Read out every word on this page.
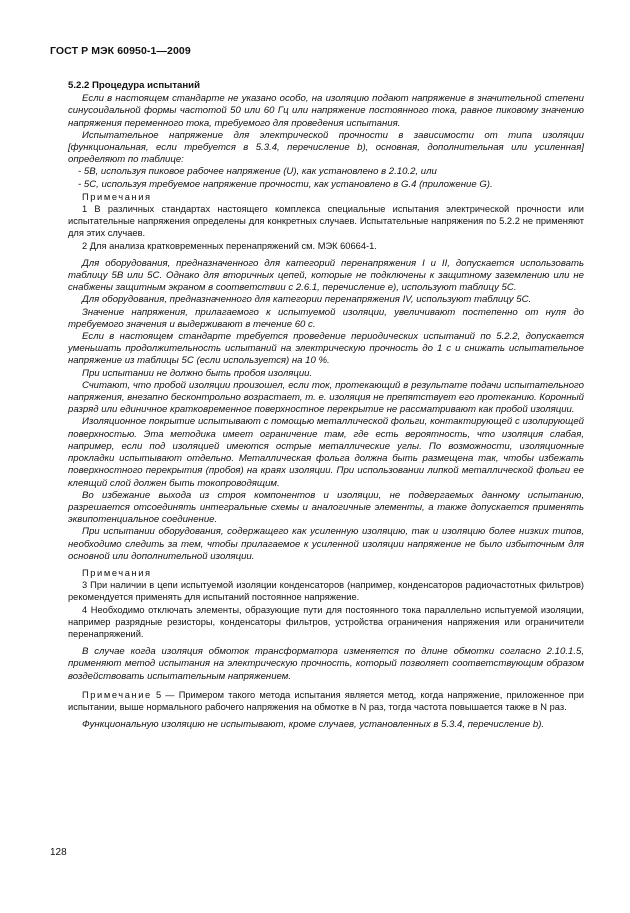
ГОСТ Р МЭК 60950-1—2009

5.2.2 Процедура испытаний

Если в настоящем стандарте не указано особо, на изоляцию подают напряжение в значительной степени синусоидальной формы частотой 50 или 60 Гц или напряжение постоянного тока, равное пиковому значению напряжения переменного тока, требуемого для проведения испытания.

Испытательное напряжение для электрической прочности в зависимости от типа изоляции [функциональная, если требуется в 5.3.4, перечисление b), основная, дополнительная или усиленная] определяют по таблице:

- 5B, используя пиковое рабочее напряжение (U), как установлено в 2.10.2, или

- 5C, используя требуемое напряжение прочности, как установлено в G.4 (приложение G).

Примечания

1 В различных стандартах настоящего комплекса специальные испытания электрической прочности или испытательные напряжения определены для конкретных случаев. Испытательные напряжения по 5.2.2 не применяют для этих случаев.

2 Для анализа кратковременных перенапряжений см. МЭК 60664-1.

Для оборудования, предназначенного для категорий перенапряжения I и II, допускается использовать таблицу 5B или 5C. Однако для вторичных цепей, которые не подключены к защитному заземлению или не снабжены защитным экраном в соответствии с 2.6.1, перечисление e), используют таблицу 5C.

Для оборудования, предназначенного для категории перенапряжения IV, используют таблицу 5C.

Значение напряжения, прилагаемого к испытуемой изоляции, увеличивают постепенно от нуля до требуемого значения и выдерживают в течение 60 с.

Если в настоящем стандарте требуется проведение периодических испытаний по 5.2.2, допускается уменьшать продолжительность испытаний на электрическую прочность до 1 с и снижать испытательное напряжение из таблицы 5C (если используется) на 10 %.

При испытании не должно быть пробоя изоляции.

Считают, что пробой изоляции произошел, если ток, протекающий в результате подачи испытательного напряжения, внезапно бесконтрольно возрастает, т. е. изоляция не препятствует его протеканию. Коронный разряд или единичное кратковременное поверхностное перекрытие не рассматривают как пробой изоляции.

Изоляционное покрытие испытывают с помощью металлической фольги, контактирующей с изолирующей поверхностью. Эта методика имеет ограничение там, где есть вероятность, что изоляция слабая, например, если под изоляцией имеются острые металлические углы. По возможности, изоляционные прокладки испытывают отдельно. Металлическая фольга должна быть размещена так, чтобы избежать поверхностного перекрытия (пробоя) на краях изоляции. При использовании липкой металлической фольги ее клеящий слой должен быть токопроводящим.

Во избежание выхода из строя компонентов и изоляции, не подвергаемых данному испытанию, разрешается отсоединять интегральные схемы и аналогичные элементы, а также допускается применять эквипотенциальное соединение.

При испытании оборудования, содержащего как усиленную изоляцию, так и изоляцию более низких типов, необходимо следить за тем, чтобы прилагаемое к усиленной изоляции напряжение не было избыточным для основной или дополнительной изоляции.

Примечания

3 При наличии в цепи испытуемой изоляции конденсаторов (например, конденсаторов радиочастотных фильтров) рекомендуется применять для испытаний постоянное напряжение.

4 Необходимо отключать элементы, образующие пути для постоянного тока параллельно испытуемой изоляции, например разрядные резисторы, конденсаторы фильтров, устройства ограничения напряжения или ограничители перенапряжений.

В случае когда изоляция обмоток трансформатора изменяется по длине обмотки согласно 2.10.1.5, применяют метод испытания на электрическую прочность, который позволяет соответствующим образом воздействовать испытательным напряжением.

Примечание 5 — Примером такого метода испытания является метод, когда напряжение, приложенное при испытании, выше нормального рабочего напряжения на обмотке в N раз, тогда частота повышается также в N раз.

Функциональную изоляцию не испытывают, кроме случаев, установленных в 5.3.4, перечисление b).

128
